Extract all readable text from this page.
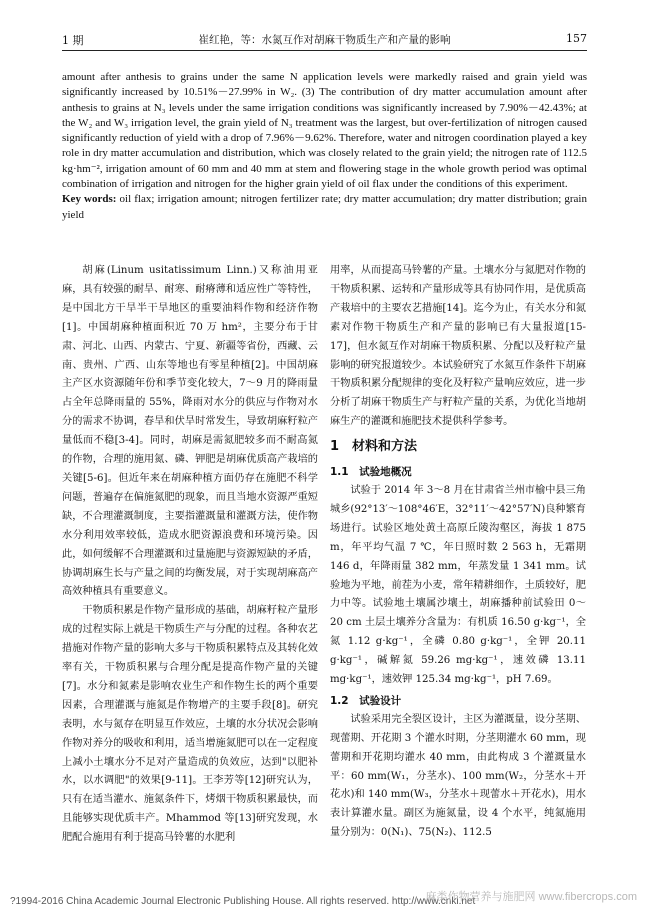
1 期	崔红艳，等：水氮互作对胡麻干物质生产和产量的影响	157

amount after anthesis to grains under the same N application levels were markedly raised and grain yield was significantly increased by 10.51%－27.99% in W₂. (3) The contribution of dry matter accumulation amount after anthesis to grains at N₃ levels under the same irrigation conditions was significantly increased by 7.90%－42.43%; at the W₂ and W₃ irrigation level, the grain yield of N₃ treatment was the largest, but over-fertilization of nitrogen caused significantly reduction of yield with a drop of 7.96%－9.62%. Therefore, water and nitrogen coordination played a key role in dry matter accumulation and distribution, which was closely related to the grain yield; the nitrogen rate of 112.5 kg·hm⁻², irrigation amount of 60 mm and 40 mm at stem and flowering stage in the whole growth period was optimal combination of irrigation and nitrogen for the higher grain yield of oil flax under the conditions of this experiment.

Key words: oil flax; irrigation amount; nitrogen fertilizer rate; dry matter accumulation; dry matter distribution; grain yield

胡麻(Linum usitatissimum Linn.)又称油用亚麻，具有较强的耐旱、耐寒、耐瘠薄和适应性广等特性，是中国北方干旱半干旱地区的重要油料作物和经济作物[1]。中国胡麻种植面积近 70 万 hm²，主要分布于甘肃、河北、山西、内蒙古、宁夏、新疆等省份，西藏、云南、贵州、广西、山东等地也有零星种植[2]。中国胡麻主产区水资源随年份和季节变化较大，7～9 月的降雨量占全年总降雨量的 55%，降雨对水分的供应与作物对水分的需求不协调，春旱和伏旱时常发生，导致胡麻籽粒产量低而不稳[3-4]。同时，胡麻是需氮肥较多而不耐高氮的作物，合理的施用氮、磷、钾肥是胡麻优质高产栽培的关键[5-6]。但近年来在胡麻种植方面仍存在施肥不科学问题，普遍存在偏施氮肥的现象，而且当地水资源严重短缺，不合理灌溉制度，主要指灌溉量和灌溉方法，使作物水分利用效率较低，造成水肥资源浪费和环境污染。因此，如何缓解不合理灌溉和过量施肥与资源短缺的矛盾，协调胡麻生长与产量之间的均衡发展，对于实现胡麻高产高效种植具有重要意义。

干物质积累是作物产量形成的基础，胡麻籽粒产量形成的过程实际上就是干物质生产与分配的过程。各种农艺措施对作物产量的影响大多与干物质积累特点及其转化效率有关，干物质积累与合理分配是提高作物产量的关键[7]。水分和氮素是影响农业生产和作物生长的两个重要因素，合理灌溉与施氮是作物增产的主要手段[8]。研究表明，水与氮存在明显互作效应，土壤的水分状况会影响作物对养分的吸收和利用，适当增施氮肥可以在一定程度上减小土壤水分不足对产量造成的负效应，达到"以肥补水，以水调肥"的效果[9-11]。王李芳等[12]研究认为，只有在适当灌水、施氮条件下，烤烟干物质积累最快，而且能够实现优质丰产。Mhammod 等[13]研究发现，水肥配合施用有利于提高马铃薯的水肥利

用率，从而提高马铃薯的产量。土壤水分与氮肥对作物的干物质积累、运转和产量形成等具有协同作用，是优质高产栽培中的主要农艺措施[14]。迄今为止，有关水分和氮素对作物干物质生产和产量的影响已有大量报道[15-17]，但水氮互作对胡麻干物质积累、分配以及籽粒产量影响的研究报道较少。本试验研究了水氮互作条件下胡麻干物质积累分配规律的变化及籽粒产量响应效应，进一步分析了胡麻干物质生产与籽粒产量的关系，为优化当地胡麻生产的灌溉和施肥技术提供科学参考。

1　材料和方法

1.1　试验地概况

试验于 2014 年 3～8 月在甘肃省兰州市榆中县三角城乡(92°13′～108°46′E，32°11′～42°57′N)良种繁育场进行。试验区地处黄土高原丘陵沟壑区，海拔 1 875 m，年平均气温 7 ℃，年日照时数 2 563 h，无霜期 146 d，年降雨量 382 mm，年蒸发量 1 341 mm。试验地为平地，前茬为小麦，常年精耕细作，土质较好，肥力中等。试验地土壤属沙壤土，胡麻播种前试验田 0～20 cm 土层土壤养分含量为：有机质 16.50 g·kg⁻¹，全氮 1.12 g·kg⁻¹，全磷 0.80 g·kg⁻¹，全钾 20.11 g·kg⁻¹，碱解氮 59.26 mg·kg⁻¹，速效磷 13.11 mg·kg⁻¹，速效钾 125.34 mg·kg⁻¹，pH 7.69。

1.2　试验设计

试验采用完全裂区设计，主区为灌溉量，设分茎期、现蕾期、开花期 3 个灌水时期，分茎期灌水 60 mm，现蕾期和开花期均灌水 40 mm，由此构成 3 个灌溉量水平：60 mm(W₁，分茎水)、100 mm(W₂，分茎水＋开花水)和 140 mm(W₃，分茎水＋现蕾水＋开花水)，用水表计算灌水量。副区为施氮量，设 4 个水平，纯氮施用量分别为：0(N₁)、75(N₂)、112.5

?1994-2016 China Academic Journal Electronic Publishing House. All rights reserved. http://www.cnki.net
麻类作物营养与施肥网 www.fibercrops.com
